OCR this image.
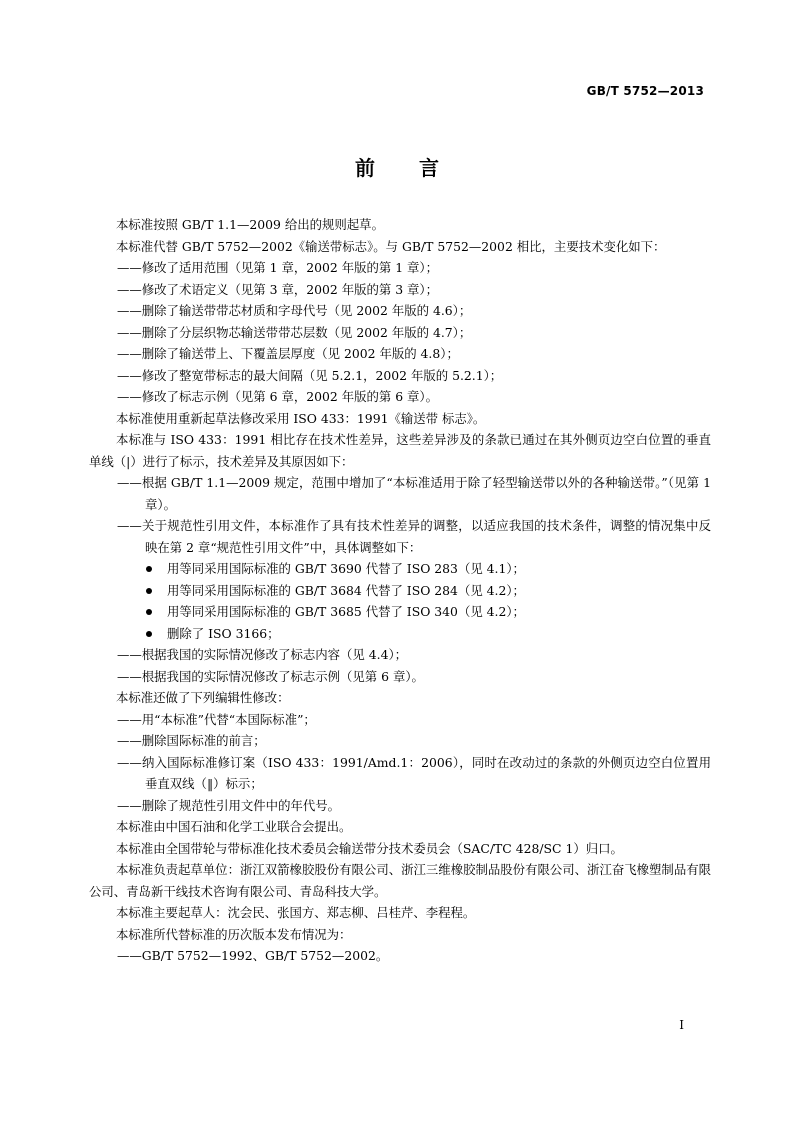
GB/T 5752—2013
前言

本标准按照 GB/T 1.1—2009 给出的规则起草。

本标准代替 GB/T 5752—2002《输送带标志》。与 GB/T 5752—2002 相比，主要技术变化如下：

——修改了适用范围（见第 1 章，2002 年版的第 1 章）；

——修改了术语定义（见第 3 章，2002 年版的第 3 章）；

——删除了输送带带芯材质和字母代号（见 2002 年版的 4.6）；

——删除了分层织物芯输送带带芯层数（见 2002 年版的 4.7）；

——删除了输送带上、下覆盖层厚度（见 2002 年版的 4.8）；

——修改了整宽带标志的最大间隔（见 5.2.1，2002 年版的 5.2.1）；

——修改了标志示例（见第 6 章，2002 年版的第 6 章）。

本标准使用重新起草法修改采用 ISO 433：1991《输送带 标志》。

本标准与 ISO 433：1991 相比存在技术性差异，这些差异涉及的条款已通过在其外侧页边空白位置的垂直单线（|）进行了标示，技术差异及其原因如下：

——根据 GB/T 1.1—2009 规定，范围中增加了“本标准适用于除了轻型输送带以外的各种输送带。”（见第 1 章）。

——关于规范性引用文件，本标准作了具有技术性差异的调整，以适应我国的技术条件，调整的情况集中反映在第 2 章“规范性引用文件”中，具体调整如下：

用等同采用国际标准的 GB/T 3690 代替了 ISO 283（见 4.1）；

用等同采用国际标准的 GB/T 3684 代替了 ISO 284（见 4.2）；

用等同采用国际标准的 GB/T 3685 代替了 ISO 340（见 4.2）；

删除了 ISO 3166；

——根据我国的实际情况修改了标志内容（见 4.4）；

——根据我国的实际情况修改了标志示例（见第 6 章）。

本标准还做了下列编辑性修改：

——用“本标准”代替“本国际标准”；

——删除国际标准的前言；

——纳入国际标准修订案（ISO 433：1991/Amd.1：2006），同时在改动过的条款的外侧页边空白位置用垂直双线（‖）标示；

——删除了规范性引用文件中的年代号。

本标准由中国石油和化学工业联合会提出。

本标准由全国带轮与带标准化技术委员会输送带分技术委员会（SAC/TC 428/SC 1）归口。

本标准负责起草单位：浙江双箭橡胶股份有限公司、浙江三维橡胶制品股份有限公司、浙江奋飞橡塑制品有限公司、青岛新干线技术咨询有限公司、青岛科技大学。

本标准主要起草人：沈会民、张国方、郑志柳、吕桂芹、李程程。

本标准所代替标准的历次版本发布情况为：

——GB/T 5752—1992、GB/T 5752—2002。

I
